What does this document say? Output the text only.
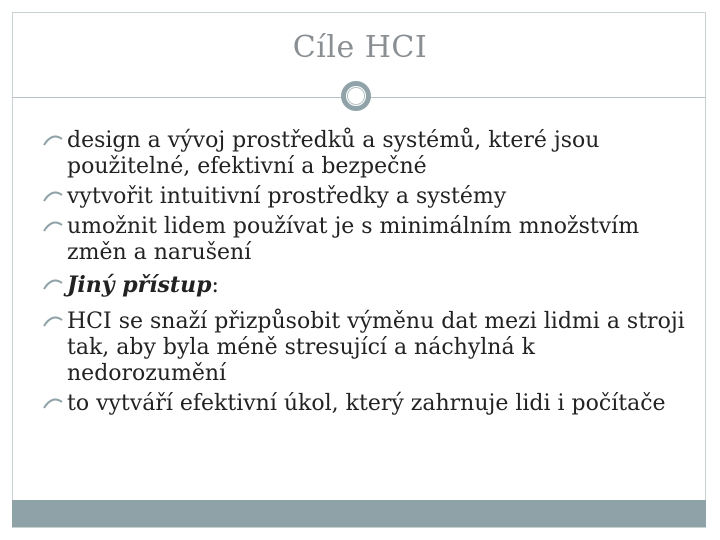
Cíle HCI
design a vývoj prostředků a systémů, které jsou použitelné, efektivní a bezpečné
vytvořit intuitivní prostředky a systémy
umožnit lidem používat je s minimálním množstvím změn a narušení
Jiný přístup:
HCI se snaží přizpůsobit výměnu dat mezi lidmi a stroji tak, aby byla méně stresující a náchylná k nedorozumění
to vytváří efektivní úkol, který zahrnuje lidi i počítače
